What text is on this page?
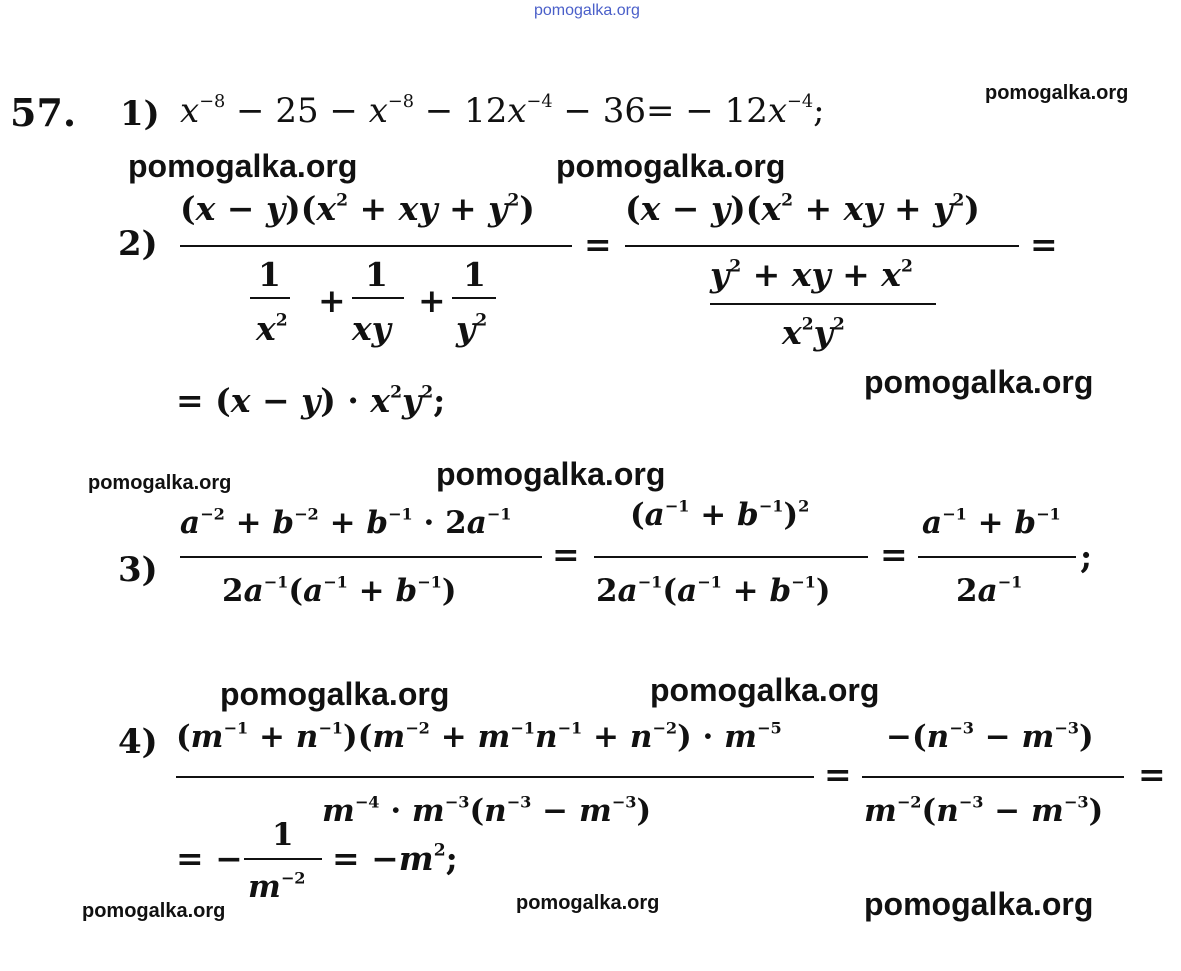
pomogalka.org
pomogalka.org
pomogalka.org	pomogalka.org
pomogalka.org
pomogalka.org	pomogalka.org
pomogalka.org	pomogalka.org
pomogalka.org	pomogalka.org	pomogalka.org
57. 1) $x^{-8} - 25 - x^{-8} - 12x^{-4} - 36= - 12x^{-4}$;
2)
$(x - y)(x^2$ + xy + $y^2$)
1	1 1
+ +
$x^2$ xy $y^2$
=
$(x - y)(x^2$ + xy + $y^2$)
$y^2$ + xy + $x^2$
$x^2y^2$
=
= $(x - y) \cdot x^2y^2$;
3)
$a^{-2} + b^{-2} + b^{-1} \cdot 2a^{-1}$
$2a^{-1}(a^{-1} + b^{-1})$
=
$(a^{-1} + b^{-1})^2$
$2a^{-1}(a^{-1} + b^{-1})$
=
$a^{-1} + b^{-1}$
$2a^{-1}$
;
4) $(m^{-1} + n^{-1})(m^{-2} + m^{-1}n^{-1} + n^{-2}) \cdot m^{-5}$
$m^{-4} \cdot m^{-3}(n^{-3} - m^{-3})$
=
$-(n^{-3} - m^{-3})$
$m^{-2}(n^{-3} - m^{-3})$
=
= −
1
$m^{-2} = -m^2$;
